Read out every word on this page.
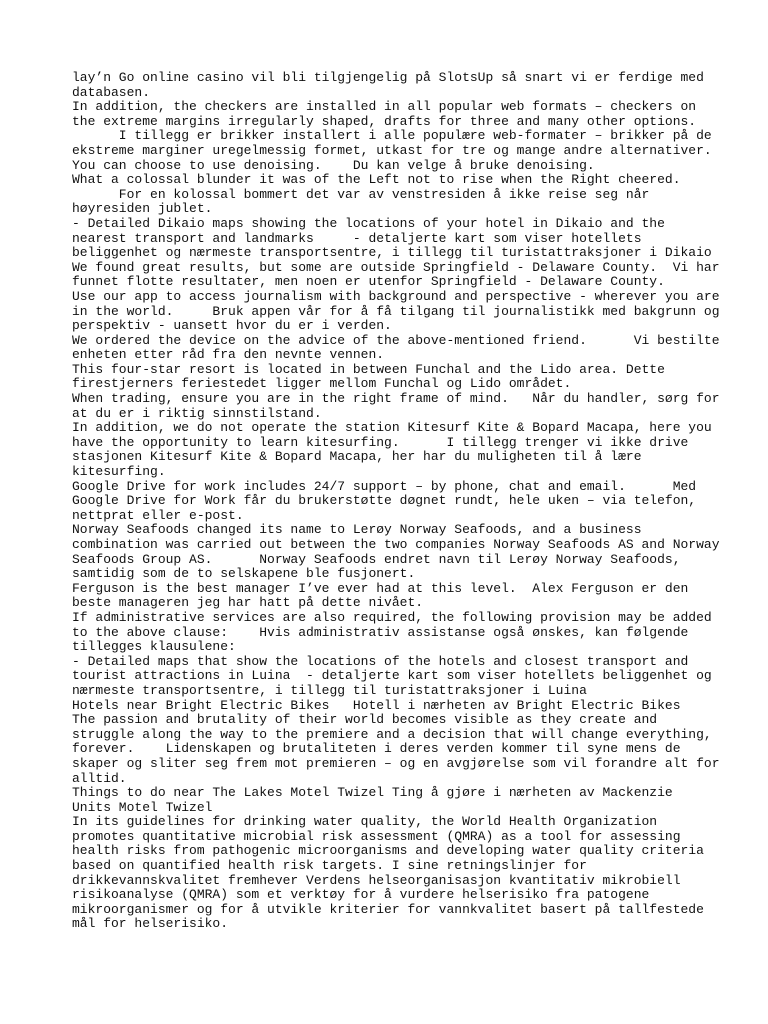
lay’n Go online casino vil bli tilgjengelig på SlotsUp så snart vi er ferdige med
databasen.
In addition, the checkers are installed in all popular web formats – checkers on
the extreme margins irregularly shaped, drafts for three and many other options.
I tillegg er brikker installert i alle populære web-formater – brikker på de
ekstreme marginer uregelmessig formet, utkast for tre og mange andre alternativer.
You can choose to use denoising.    Du kan velge å bruke denoising.
What a colossal blunder it was of the Left not to rise when the Right cheered.
For en kolossal bommert det var av venstresiden å ikke reise seg når
høyresiden jublet.
- Detailed Dikaio maps showing the locations of your hotel in Dikaio and the
nearest transport and landmarks     - detaljerte kart som viser hotellets
beliggenhet og nærmeste transportsentre, i tillegg til turistattraksjoner i Dikaio
We found great results, but some are outside Springfield - Delaware County.  Vi har
funnet flotte resultater, men noen er utenfor Springfield - Delaware County.
Use our app to access journalism with background and perspective - wherever you are
in the world.     Bruk appen vår for å få tilgang til journalistikk med bakgrunn og
perspektiv - uansett hvor du er i verden.
We ordered the device on the advice of the above-mentioned friend.      Vi bestilte
enheten etter råd fra den nevnte vennen.
This four-star resort is located in between Funchal and the Lido area. Dette
firestjerners feriestedet ligger mellom Funchal og Lido området.
When trading, ensure you are in the right frame of mind.   Når du handler, sørg for
at du er i riktig sinnstilstand.
In addition, we do not operate the station Kitesurf Kite & Bopard Macapa, here you
have the opportunity to learn kitesurfing.      I tillegg trenger vi ikke drive
stasjonen Kitesurf Kite & Bopard Macapa, her har du muligheten til å lære
kitesurfing.
Google Drive for work includes 24/7 support – by phone, chat and email.      Med
Google Drive for Work får du brukerstøtte døgnet rundt, hele uken – via telefon,
nettprat eller e-post.
Norway Seafoods changed its name to Lerøy Norway Seafoods, and a business
combination was carried out between the two companies Norway Seafoods AS and Norway
Seafoods Group AS.      Norway Seafoods endret navn til Lerøy Norway Seafoods,
samtidig som de to selskapene ble fusjonert.
Ferguson is the best manager I’ve ever had at this level.  Alex Ferguson er den
beste manageren jeg har hatt på dette nivået.
If administrative services are also required, the following provision may be added
to the above clause:    Hvis administrativ assistanse også ønskes, kan følgende
tillegges klausulene:
- Detailed maps that show the locations of the hotels and closest transport and
tourist attractions in Luina  - detaljerte kart som viser hotellets beliggenhet og
nærmeste transportsentre, i tillegg til turistattraksjoner i Luina
Hotels near Bright Electric Bikes   Hotell i nærheten av Bright Electric Bikes
The passion and brutality of their world becomes visible as they create and
struggle along the way to the premiere and a decision that will change everything,
forever.    Lidenskapen og brutaliteten i deres verden kommer til syne mens de
skaper og sliter seg frem mot premieren – og en avgjørelse som vil forandre alt for
alltid.
Things to do near The Lakes Motel Twizel Ting å gjøre i nærheten av Mackenzie
Units Motel Twizel
In its guidelines for drinking water quality, the World Health Organization
promotes quantitative microbial risk assessment (QMRA) as a tool for assessing
health risks from pathogenic microorganisms and developing water quality criteria
based on quantified health risk targets. I sine retningslinjer for
drikkevannskvalitet fremhever Verdens helseorganisasjon kvantitativ mikrobiell
risikoanalyse (QMRA) som et verktøy for å vurdere helserisiko fra patogene
mikroorganismer og for å utvikle kriterier for vannkvalitet basert på tallfestede
mål for helserisiko.
